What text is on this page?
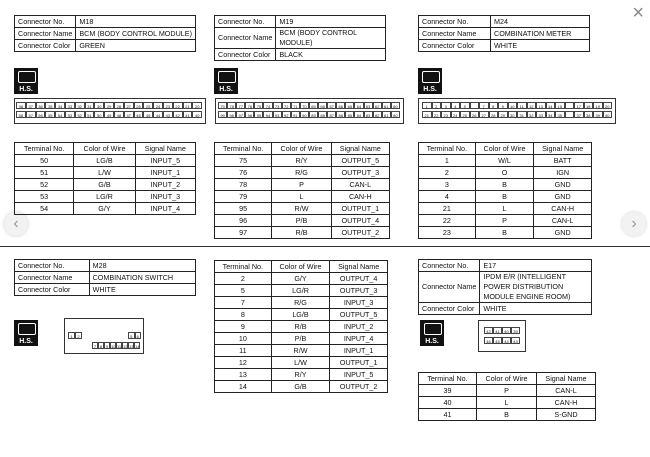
×
‹	›
Connector No.	M18
Connector Name	BCM (BODY CONTROL MODULE)
Connector Color	GREEN
Connector No.	M19
Connector Name	BCM (BODY CONTROL MODULE)
Connector Color	BLACK
Connector No.	M24
Connector Name	COMBINATION METER
Connector Color	WHITE
H.S.	H.S.	H.S.
38	37	36	35	34	33	32	31	30	29	28	27	26	25	24	23	22	21	20
58	57	56	55	54	53	52	51	50	49	48	47	46	45	44	43	42	41	40
79	78	77	76	75	74	73	72	71	70	69	68	67	66	65	64	63	62	61	60
99	98	97	96	95	94	93	92	91	90	89	88	87	86	85	84	83	82	81	80
1	2	3	4	5	7	8	9	10	11	12	13	14	15	17	18	19	20
21	22	23	24	25	26	27	28	29	30	31	32	33	34	35	37	38	39	40
Terminal No.	Color of Wire	Signal Name
50	LG/B	INPUT_5
51	L/W	INPUT_1
52	G/B	INPUT_2
53	LG/R	INPUT_3
54	G/Y	INPUT_4
Terminal No.	Color of Wire	Signal Name
75	R/Y	OUTPUT_5
76	R/G	OUTPUT_3
78	P	CAN-L
79	L	CAN-H
95	R/W	OUTPUT_1
96	P/B	OUTPUT_4
97	R/B	OUTPUT_2
Terminal No.	Color of Wire	Signal Name
1	W/L	BATT
2	O	IGN
3	B	GND
4	B	GND
21	L	CAN-H
22	P	CAN-L
23	B	GND
Connector No.	M28
Connector Name	COMBINATION SWITCH
Connector Color	WHITE
H.S.
1	2	5	6
7 8 9 10 11 12 13 14
Terminal No.	Color of Wire	Signal Name
2	G/Y	OUTPUT_4
5	LG/R	OUTPUT_3
7	R/G	INPUT_3
8	LG/B	OUTPUT_5
9	R/B	INPUT_2
10	P/B	INPUT_4
11	R/W	INPUT_1
12	L/W	OUTPUT_1
13	R/Y	INPUT_5
14	G/B	OUTPUT_2
Connector No.	E17
Connector Name	IPDM E/R (INTELLIGENT POWER DISTRIBUTION MODULE ENGINE ROOM)
Connector Color	WHITE
H.S.
42	41	40	39
46	45	44	43
Terminal No.	Color of Wire	Signal Name
39	P	CAN-L
40	L	CAN-H
41	B	S-GND
